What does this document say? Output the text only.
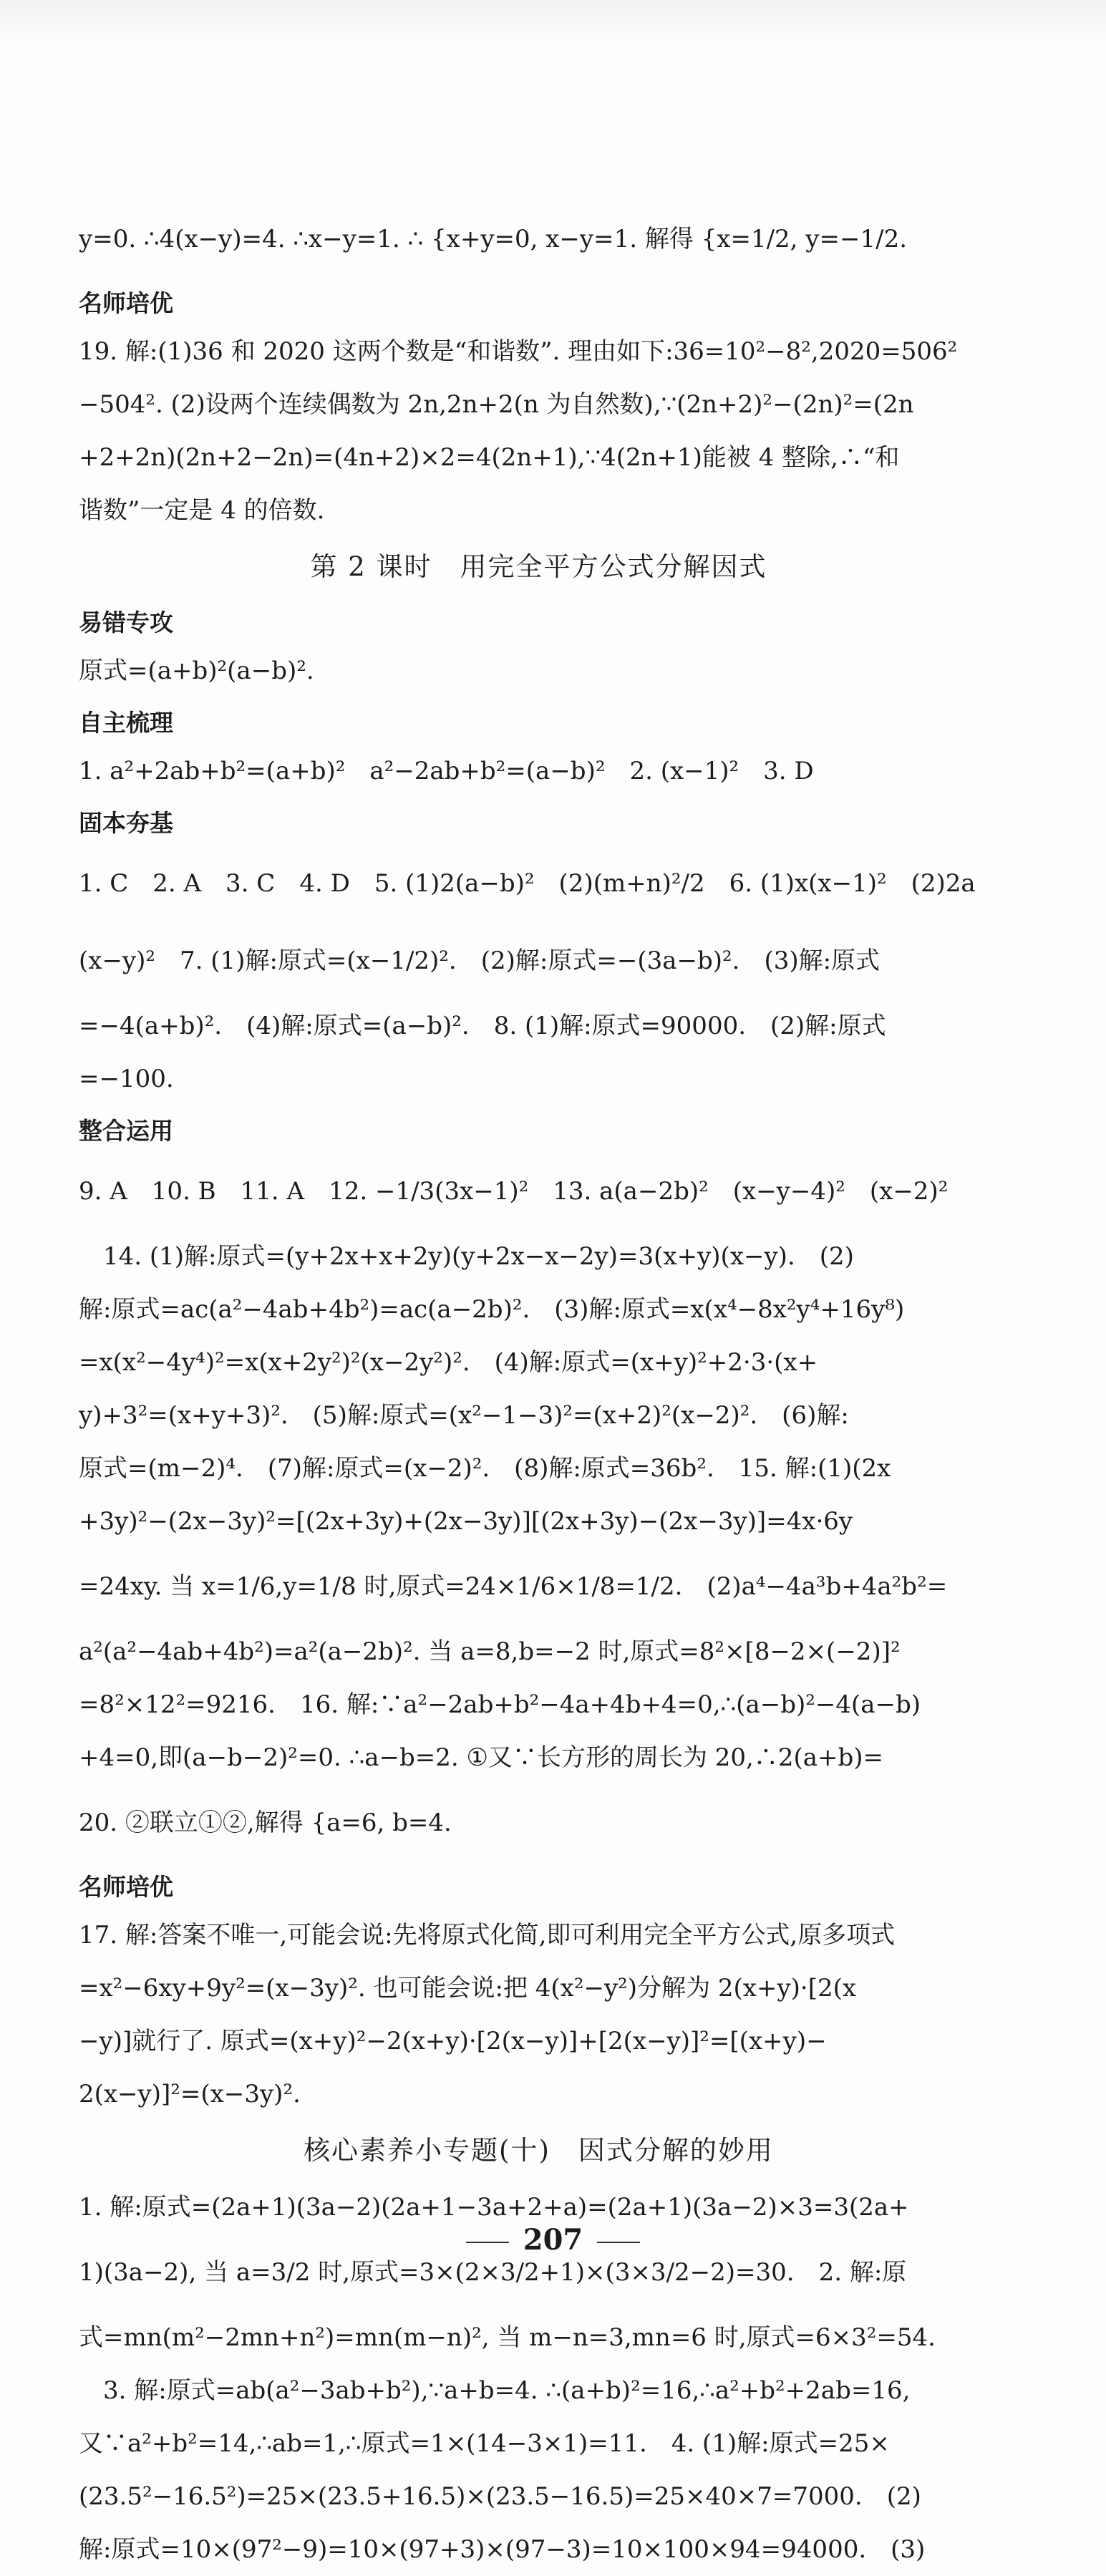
y=0. ∴4(x−y)=4. ∴x−y=1. ∴ {x+y=0, x−y=1. 解得 {x=1/2, y=−1/2.
名师培优
19. 解:(1)36 和 2020 这两个数是“和谐数”. 理由如下:36=10²−8²,2020=506²
−504². (2)设两个连续偶数为 2n,2n+2(n 为自然数),∵(2n+2)²−(2n)²=(2n
+2+2n)(2n+2−2n)=(4n+2)×2=4(2n+1),∵4(2n+1)能被 4 整除,∴“和
谐数”一定是 4 的倍数.
第 2 课时　用完全平方公式分解因式
易错专攻
原式=(a+b)²(a−b)².
自主梳理
1. a²+2ab+b²=(a+b)²　a²−2ab+b²=(a−b)²　2. (x−1)²　3. D
固本夯基
1. C　2. A　3. C　4. D　5. (1)2(a−b)²　(2)(m+n)²/2　6. (1)x(x−1)²　(2)2a
(x−y)²　7. (1)解:原式=(x−1/2)².　(2)解:原式=−(3a−b)².　(3)解:原式
=−4(a+b)².　(4)解:原式=(a−b)².　8. (1)解:原式=90000.　(2)解:原式
=−100.
整合运用
9. A　10. B　11. A　12. −1/3(3x−1)²　13. a(a−2b)²　(x−y−4)²　(x−2)²
　14. (1)解:原式=(y+2x+x+2y)(y+2x−x−2y)=3(x+y)(x−y).　(2)
解:原式=ac(a²−4ab+4b²)=ac(a−2b)².　(3)解:原式=x(x⁴−8x²y⁴+16y⁸)
=x(x²−4y⁴)²=x(x+2y²)²(x−2y²)².　(4)解:原式=(x+y)²+2·3·(x+
y)+3²=(x+y+3)².　(5)解:原式=(x²−1−3)²=(x+2)²(x−2)².　(6)解:
原式=(m−2)⁴.　(7)解:原式=(x−2)².　(8)解:原式=36b².　15. 解:(1)(2x
+3y)²−(2x−3y)²=[(2x+3y)+(2x−3y)][(2x+3y)−(2x−3y)]=4x·6y
=24xy. 当 x=1/6,y=1/8 时,原式=24×1/6×1/8=1/2.　(2)a⁴−4a³b+4a²b²=
a²(a²−4ab+4b²)=a²(a−2b)². 当 a=8,b=−2 时,原式=8²×[8−2×(−2)]²
=8²×12²=9216.　16. 解:∵a²−2ab+b²−4a+4b+4=0,∴(a−b)²−4(a−b)
+4=0,即(a−b−2)²=0. ∴a−b=2. ①又∵长方形的周长为 20,∴2(a+b)=
20. ②联立①②,解得 {a=6, b=4.
名师培优
17. 解:答案不唯一,可能会说:先将原式化简,即可利用完全平方公式,原多项式
=x²−6xy+9y²=(x−3y)². 也可能会说:把 4(x²−y²)分解为 2(x+y)·[2(x
−y)]就行了. 原式=(x+y)²−2(x+y)·[2(x−y)]+[2(x−y)]²=[(x+y)−
2(x−y)]²=(x−3y)².
核心素养小专题(十)　因式分解的妙用
1. 解:原式=(2a+1)(3a−2)(2a+1−3a+2+a)=(2a+1)(3a−2)×3=3(2a+
1)(3a−2), 当 a=3/2 时,原式=3×(2×3/2+1)×(3×3/2−2)=30.　2. 解:原
式=mn(m²−2mn+n²)=mn(m−n)², 当 m−n=3,mn=6 时,原式=6×3²=54.
　3. 解:原式=ab(a²−3ab+b²),∵a+b=4. ∴(a+b)²=16,∴a²+b²+2ab=16,
又∵a²+b²=14,∴ab=1,∴原式=1×(14−3×1)=11.　4. (1)解:原式=25×
(23.5²−16.5²)=25×(23.5+16.5)×(23.5−16.5)=25×40×7=7000.　(2)
解:原式=10×(97²−9)=10×(97+3)×(97−3)=10×100×94=94000.　(3)
207
